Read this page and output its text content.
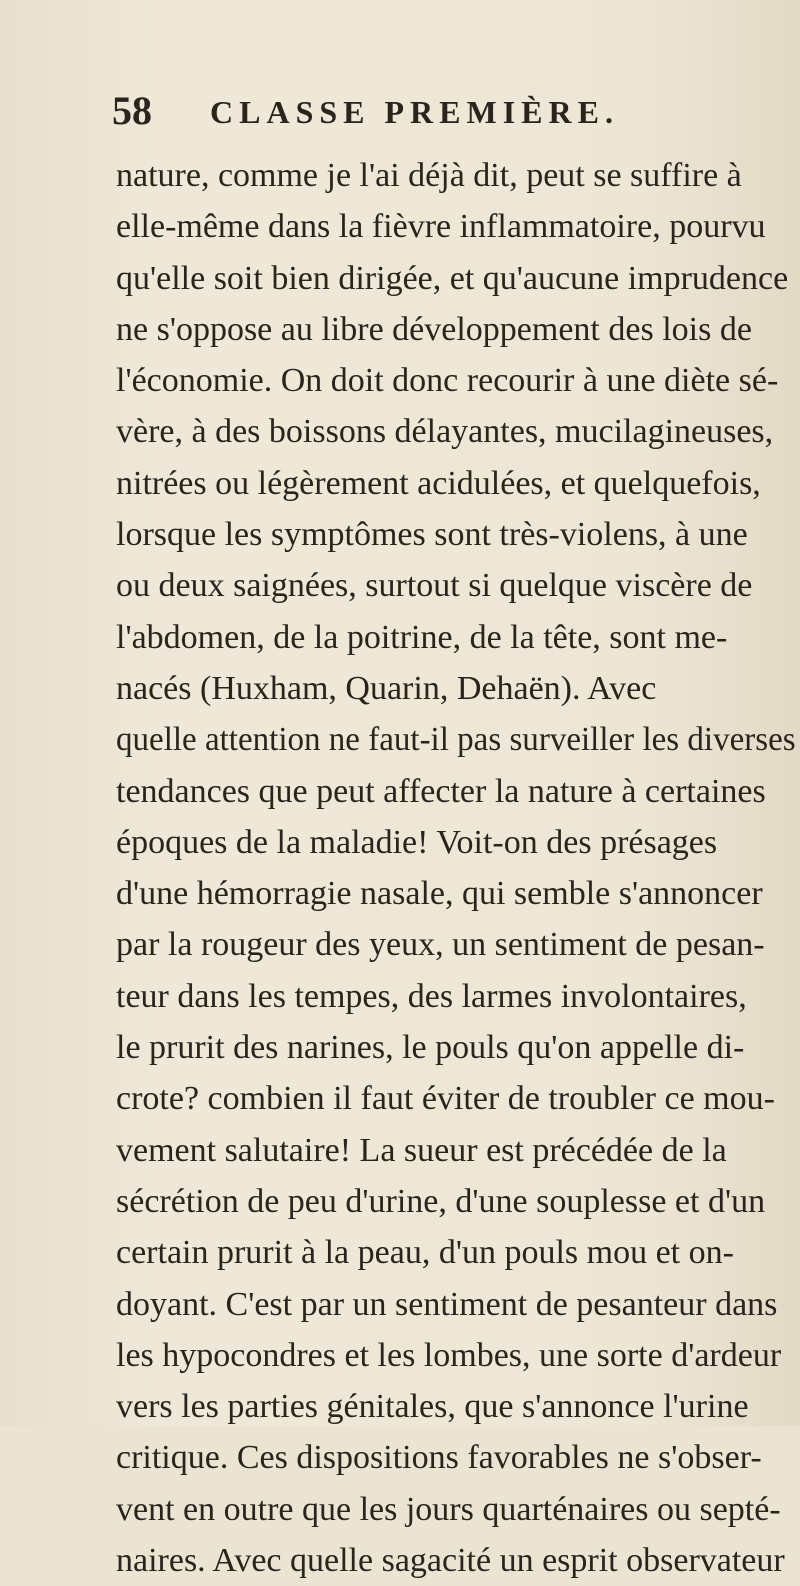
58 CLASSE PREMIÈRE.
nature, comme je l'ai déjà dit, peut se suffire à
elle-même dans la fièvre inflammatoire, pourvu
qu'elle soit bien dirigée, et qu'aucune imprudence
ne s'oppose au libre développement des lois de
l'économie. On doit donc recourir à une diète sé-
vère, à des boissons délayantes, mucilagineuses,
nitrées ou légèrement acidulées, et quelquefois,
lorsque les symptômes sont très-violens, à une
ou deux saignées, surtout si quelque viscère de
l'abdomen, de la poitrine, de la tête, sont me-
nacés (Huxham, Quarin, Dehaën). Avec
quelle attention ne faut-il pas surveiller les diverses
tendances que peut affecter la nature à certaines
époques de la maladie! Voit-on des présages
d'une hémorragie nasale, qui semble s'annoncer
par la rougeur des yeux, un sentiment de pesan-
teur dans les tempes, des larmes involontaires,
le prurit des narines, le pouls qu'on appelle di-
crote? combien il faut éviter de troubler ce mou-
vement salutaire! La sueur est précédée de la
sécrétion de peu d'urine, d'une souplesse et d'un
certain prurit à la peau, d'un pouls mou et on-
doyant. C'est par un sentiment de pesanteur dans
les hypocondres et les lombes, une sorte d'ardeur
vers les parties génitales, que s'annonce l'urine
critique. Ces dispositions favorables ne s'obser-
vent en outre que les jours quarténaires ou septé-
naires. Avec quelle sagacité un esprit observateur
